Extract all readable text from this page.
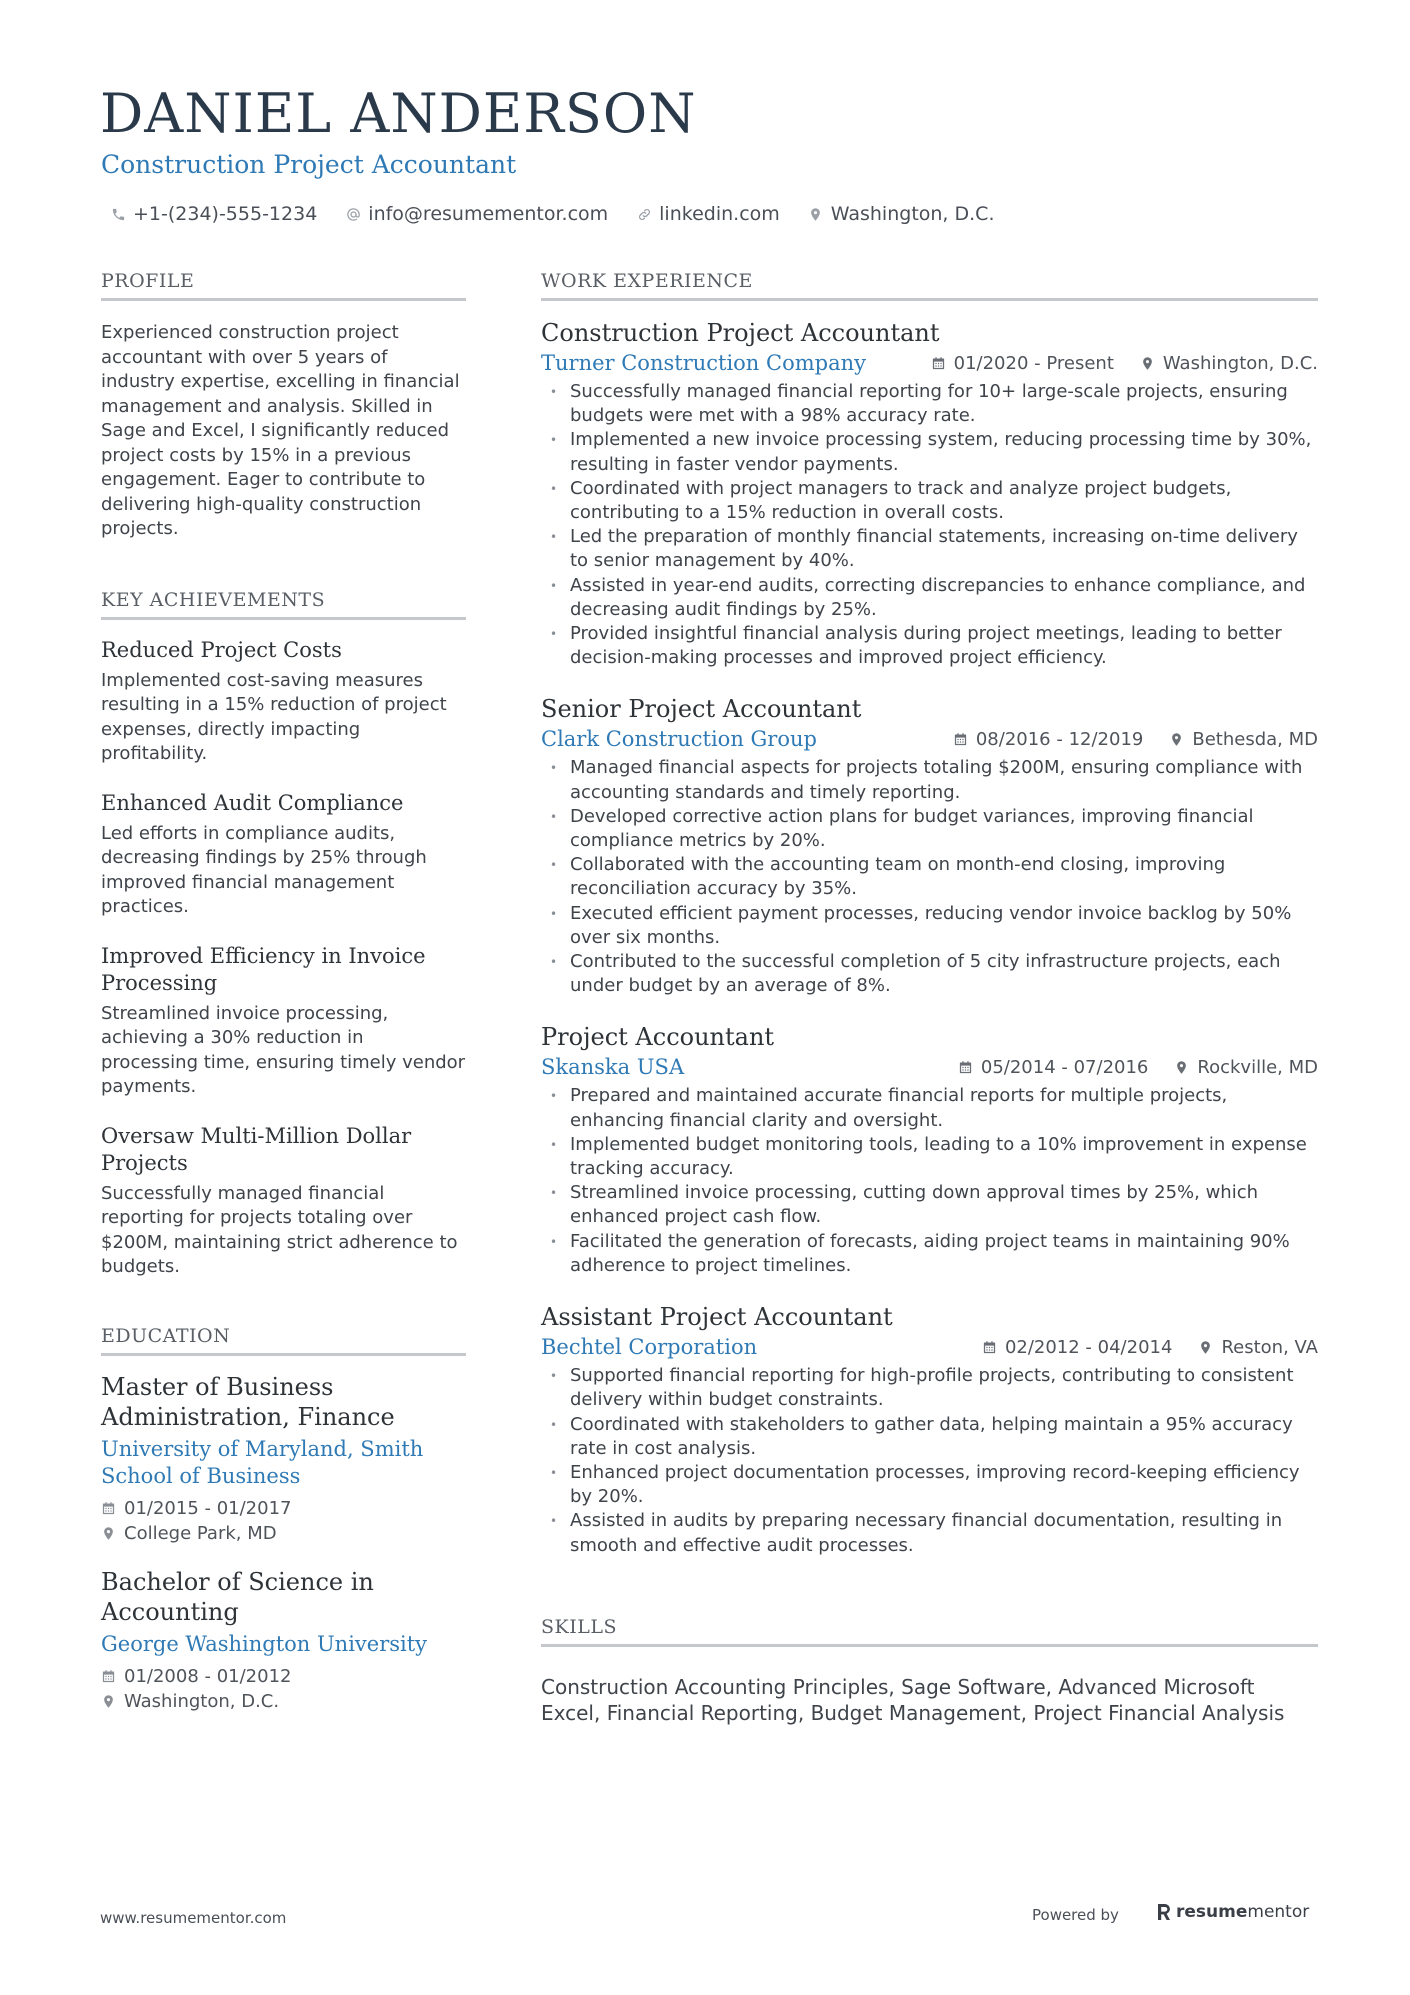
DANIEL ANDERSON
Construction Project Accountant
+1-(234)-555-1234	info@resumementor.com	linkedin.com	Washington, D.C.
PROFILE

Experienced construction project accountant with over 5 years of industry expertise, excelling in financial management and analysis. Skilled in Sage and Excel, I significantly reduced project costs by 15% in a previous engagement. Eager to contribute to delivering high-quality construction projects.

KEY ACHIEVEMENTS
Reduced Project Costs

Implemented cost-saving measures resulting in a 15% reduction of project expenses, directly impacting profitability.

Enhanced Audit Compliance

Led efforts in compliance audits, decreasing findings by 25% through improved financial management practices.

Improved Efficiency in Invoice Processing

Streamlined invoice processing, achieving a 30% reduction in processing time, ensuring timely vendor payments.

Oversaw Multi-Million Dollar Projects

Successfully managed financial reporting for projects totaling over $200M, maintaining strict adherence to budgets.

EDUCATION
Master of Business Administration, Finance
University of Maryland, Smith School of Business
01/2015 - 01/2017
College Park, MD
Bachelor of Science in Accounting
George Washington University
01/2008 - 01/2012
Washington, D.C.
WORK EXPERIENCE
Construction Project Accountant
Turner Construction Company	01/2020 - Present	Washington, D.C.
• Successfully managed financial reporting for 10+ large-scale projects, ensuring budgets were met with a 98% accuracy rate.
• Implemented a new invoice processing system, reducing processing time by 30%, resulting in faster vendor payments.
• Coordinated with project managers to track and analyze project budgets, contributing to a 15% reduction in overall costs.
• Led the preparation of monthly financial statements, increasing on-time delivery to senior management by 40%.
• Assisted in year-end audits, correcting discrepancies to enhance compliance, and decreasing audit findings by 25%.
• Provided insightful financial analysis during project meetings, leading to better decision-making processes and improved project efficiency.
Senior Project Accountant
Clark Construction Group	08/2016 - 12/2019	Bethesda, MD
• Managed financial aspects for projects totaling $200M, ensuring compliance with accounting standards and timely reporting.
• Developed corrective action plans for budget variances, improving financial compliance metrics by 20%.
• Collaborated with the accounting team on month-end closing, improving reconciliation accuracy by 35%.
• Executed efficient payment processes, reducing vendor invoice backlog by 50% over six months.
• Contributed to the successful completion of 5 city infrastructure projects, each under budget by an average of 8%.
Project Accountant
Skanska USA	05/2014 - 07/2016	Rockville, MD
• Prepared and maintained accurate financial reports for multiple projects, enhancing financial clarity and oversight.
• Implemented budget monitoring tools, leading to a 10% improvement in expense tracking accuracy.
• Streamlined invoice processing, cutting down approval times by 25%, which enhanced project cash flow.
• Facilitated the generation of forecasts, aiding project teams in maintaining 90% adherence to project timelines.
Assistant Project Accountant
Bechtel Corporation	02/2012 - 04/2014	Reston, VA
• Supported financial reporting for high-profile projects, contributing to consistent delivery within budget constraints.
• Coordinated with stakeholders to gather data, helping maintain a 95% accuracy rate in cost analysis.
• Enhanced project documentation processes, improving record-keeping efficiency by 20%.
• Assisted in audits by preparing necessary financial documentation, resulting in smooth and effective audit processes.
SKILLS

Construction Accounting Principles, Sage Software, Advanced Microsoft Excel, Financial Reporting, Budget Management, Project Financial Analysis

www.resumementor.com	Powered by	resume mentor
